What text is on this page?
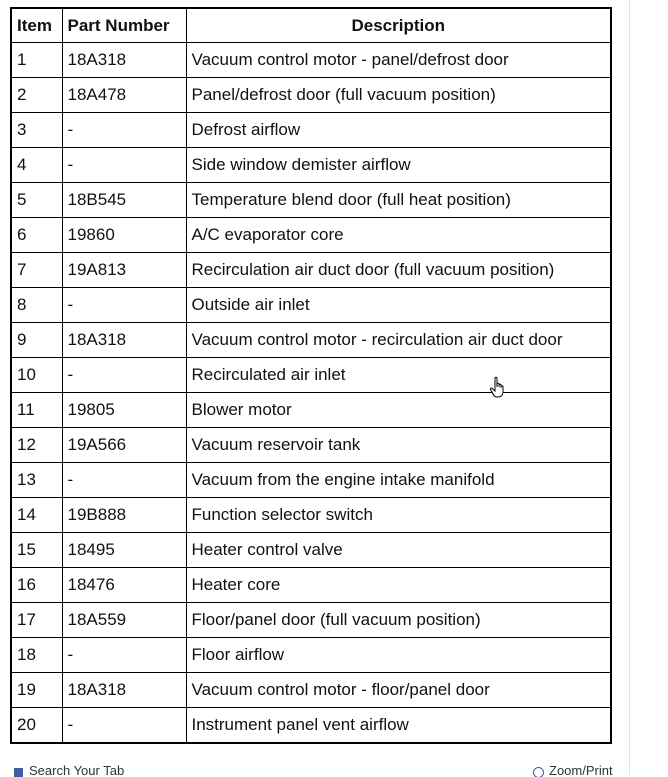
Item	Part Number	Description
1	18A318	Vacuum control motor - panel/defrost door
2	18A478	Panel/defrost door (full vacuum position)
3	-	Defrost airflow
4	-	Side window demister airflow
5	18B545	Temperature blend door (full heat position)
6	19860	A/C evaporator core
7	19A813	Recirculation air duct door (full vacuum position)
8	-	Outside air inlet
9	18A318	Vacuum control motor - recirculation air duct door
10	-	Recirculated air inlet
11	19805	Blower motor
12	19A566	Vacuum reservoir tank
13	-	Vacuum from the engine intake manifold
14	19B888	Function selector switch
15	18495	Heater control valve
16	18476	Heater core
17	18A559	Floor/panel door (full vacuum position)
18	-	Floor airflow
19	18A318	Vacuum control motor - floor/panel door
20	-	Instrument panel vent airflow
$^{Search Your Tab}$	$^{Zoom/Print}$
